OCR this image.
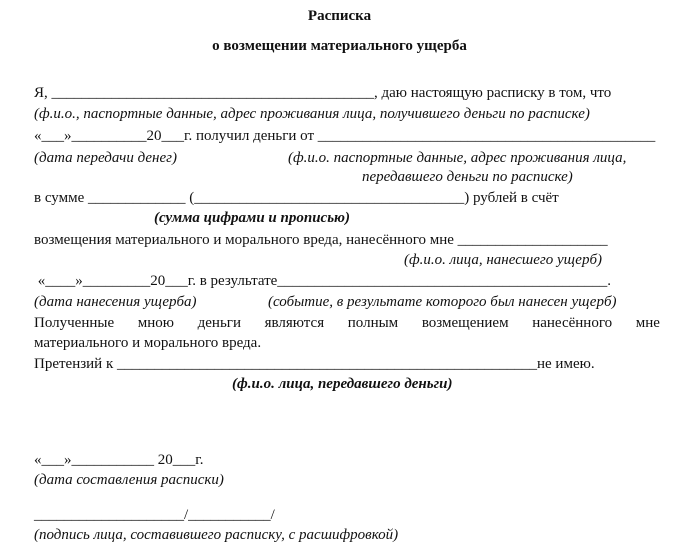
Расписка
о возмещении материального ущерба
Я, ___________________________________________, даю настоящую расписку в том, что
(ф.и.о., паспортные данные, адрес проживания лица, получившего деньги по расписке)
«___»__________20___г. получил деньги от _____________________________________________
(дата передачи денег)	(ф.и.о. паспортные данные, адрес проживания лица,
передавшего деньги по расписке)
в сумме _____________ (____________________________________) рублей в счёт
(сумма цифрами и прописью)
возмещения материального и морального вреда, нанесённого мне ____________________
(ф.и.о. лица, нанесшего ущерб)
«____»_________20___г. в результате____________________________________________.
(дата нанесения ущерба)	(событие, в результате которого был нанесен ущерб)
Полученные мною деньги являются полным возмещением нанесённого мне
материального и морального вреда.
Претензий к ________________________________________________________не имею.
(ф.и.о. лица, передавшего деньги)
«___»___________ 20___г.
(дата составления расписки)
____________________/___________/
(подпись лица, составившего расписку, с расшифровкой)
